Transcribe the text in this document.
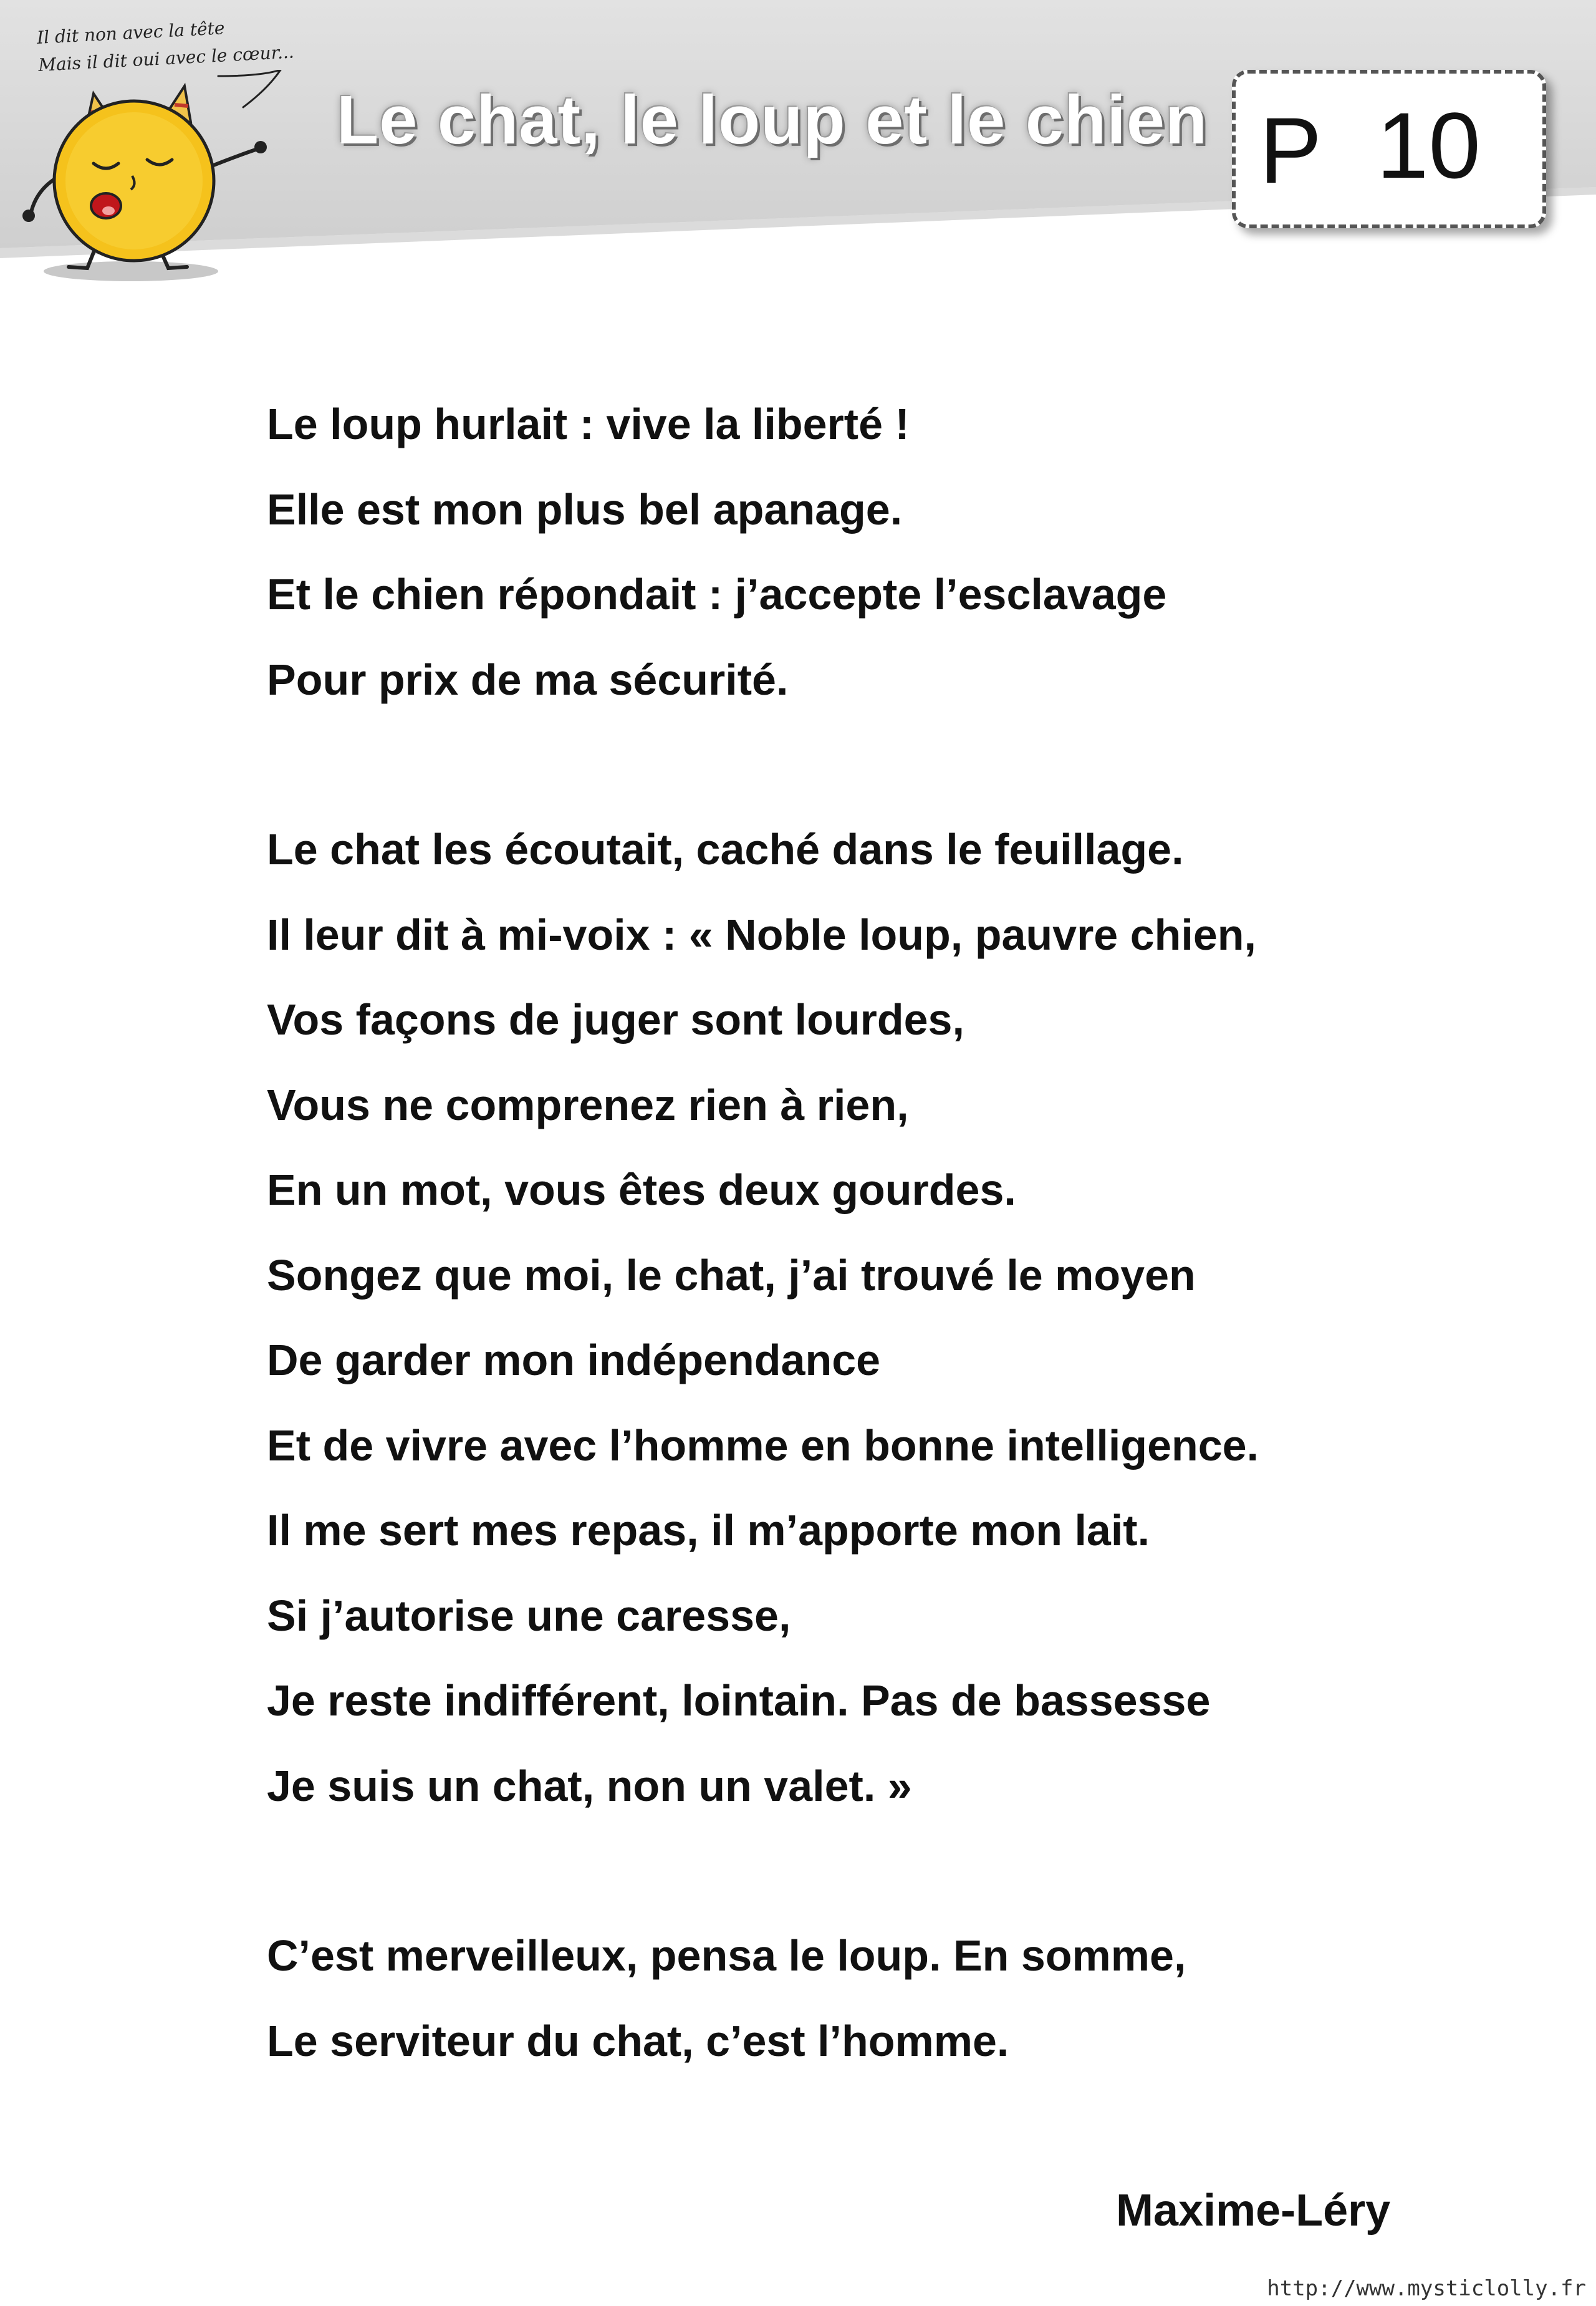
Il dit non avec la tête
Mais il dit oui avec le cœur...
Le chat, le loup et le chien P 10
Le loup hurlait : vive la liberté !
Elle est mon plus bel apanage.
Et le chien répondait : j’accepte l’esclavage
Pour prix de ma sécurité.
Le chat les écoutait, caché dans le feuillage.
Il leur dit à mi-voix : « Noble loup, pauvre chien,
Vos façons de juger sont lourdes,
Vous ne comprenez rien à rien,
En un mot, vous êtes deux gourdes.
Songez que moi, le chat, j’ai trouvé le moyen
De garder mon indépendance
Et de vivre avec l’homme en bonne intelligence.
Il me sert mes repas, il m’apporte mon lait.
Si j’autorise une caresse,
Je reste indifférent, lointain. Pas de bassesse
Je suis un chat, non un valet. »
C’est merveilleux, pensa le loup. En somme,
Le serviteur du chat, c’est l’homme.
Maxime-Léry
http://www.mysticlolly.fr
